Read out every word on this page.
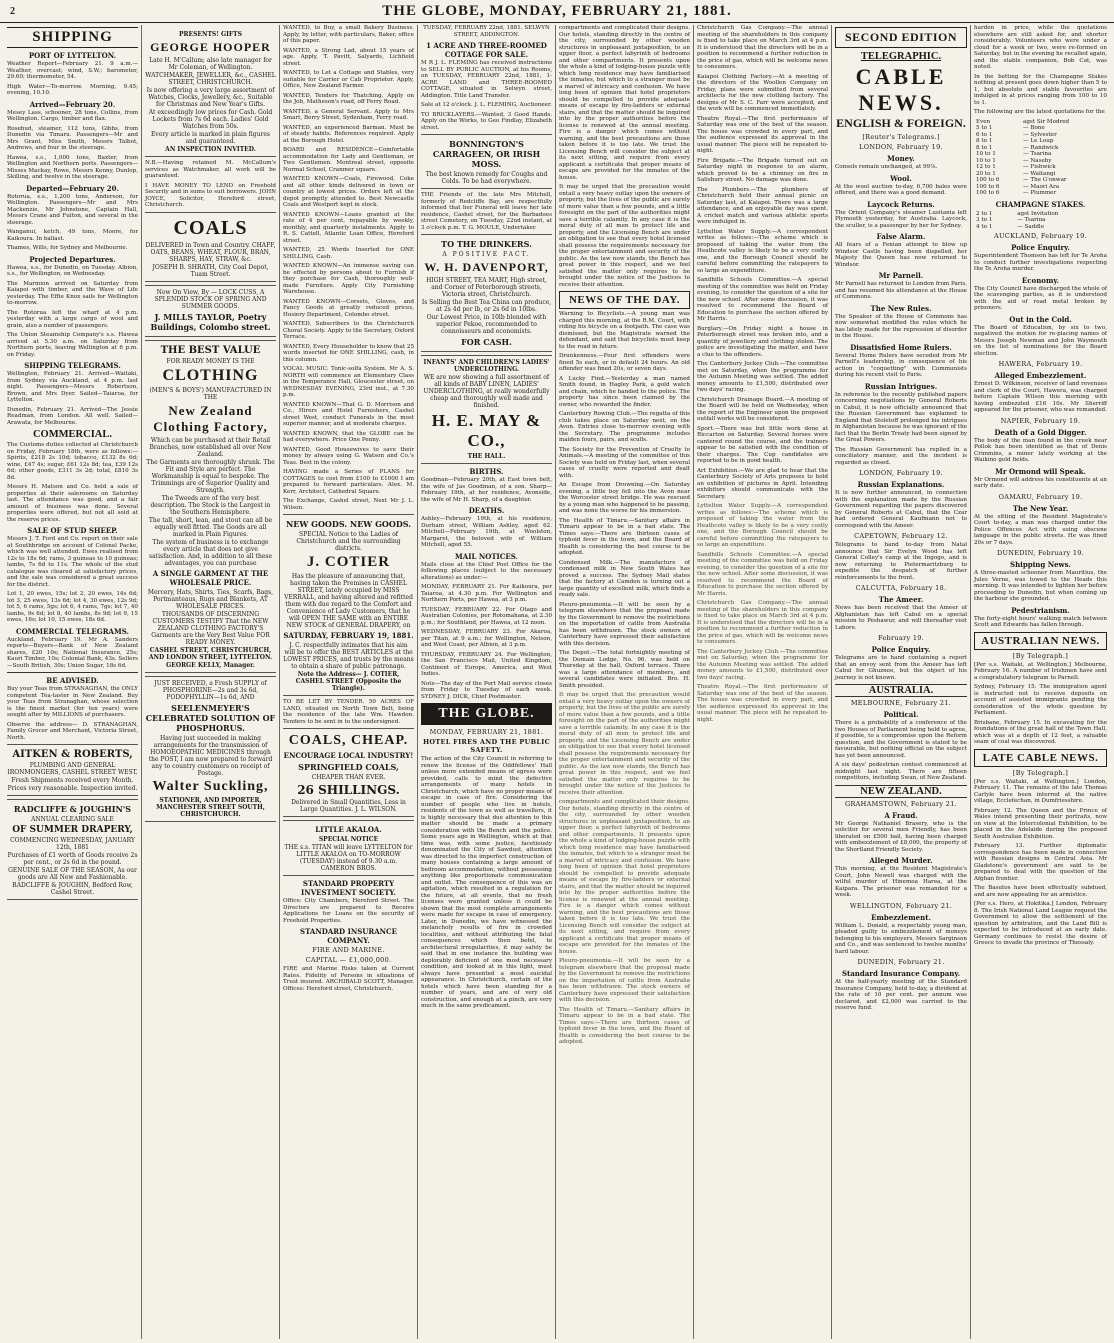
2	THE GLOBE, MONDAY, FEBRUARY 21, 1881.
SHIPPING
PORT OF LYTTELTON.

Weather Report—February 21. 9 a.m.—Weather, overcast; wind, S.W.; barometer, 29.60; thermometer, 54.

High Water—To-morrow. Morning, 9.45; evening, 10.10.

Arrived—February 20.

Mesey Lass, schooner, 28 tons, Collins, from Wellington. Cargo, timber and flax.

Rosebud, steamer, 112 tons, Gibbs, from Dunedin via Timaru. Passengers—Mr and Mrs Grant, Miss Smith, Messrs Talbot, Andrews, and four in the steerage.

Hawea, s.s., 1,000 tons, Baxter, from Wellington and Northern ports. Passengers—Misses Mackay, Rowe, Messrs Kenny, Dunlop, Skilling, and twelve in the steerage.

Departed—February 20.

Rotorua, s.s., 1,200 tons, Anderson, for Wellington. Passengers—Mr and Mrs Mackenzie, Mr Johnstone, Captain Hall, Messrs Crane and Fulton, and several in the steerage.

Wanganui, ketch, 49 tons, Moore, for Kaikoura. In ballast.

Thames, Wills, for Sydney and Melbourne.

Projected Departures.

Hawea, s.s., for Dunedin, on Tuesday. Albion, s.s., for Wellington, on Wednesday.

The Marmion arrived on Saturday from Kaiapoi with timber, and the Wave of Life yesterday. The Effie Knox sails for Wellington to-morrow.

The Rotorua left the wharf at 4 p.m. yesterday with a large cargo of wool and grain, also a number of passengers.

The Union Steamship Company's s.s. Hawea arrived at 5.30 a.m. on Saturday from Northern ports, leaving Wellington at 6 p.m. on Friday.

SHIPPING TELEGRAMS.

Wellington, February 21. Arrived—Waitaki, from Sydney via Auckland, at 4 p.m. last night. Passengers—Messrs Robertson, Brown, and Mrs Dyer. Sailed—Taiaroa, for Lyttelton.

Dunedin, February 21. Arrived—The Jessie Readman, from London. All well. Sailed—Arawata, for Melbourne.

COMMERCIAL.

The Customs duties collected at Christchurch on Friday, February 18th, were as follows:—Spirits, £218 2s 10d; tobacco, £132 8s 6d; wine, £47 4s; sugar, £61 12s 8d; tea, £39 12s 6d; other goods, £311 3s 2d; total, £810 3s 8d.

Messrs H. Matson and Co. held a sale of properties at their salerooms on Saturday last. The attendance was good, and a fair amount of business was done. Several properties were offered, but not all sold at the reserve prices.

SALE OF STUD SHEEP.

Messrs J. T. Ford and Co. report on their sale at Southbridge on account of Colonel Packe, which was well attended. Ewes realised from 12s to 18s 6d; rams, 3 guineas to 10 guineas; lambs, 7s 6d to 11s. The whole of the stud catalogue was cleared at satisfactory prices, and the sale was considered a great success for the district.

Lot 1, 20 ewes, 15s; lot 2, 20 ewes, 14s 6d; lot 3, 25 ewes, 13s 6d; lot 4, 30 ewes, 12s 9d; lot 5, 6 rams, 5gs; lot 6, 4 rams, 7gs; lot 7, 40 lambs, 9s 6d; lot 8, 40 lambs, 8s 9d; lot 9, 15 ewes, 16s; lot 10, 15 ewes, 18s 6d.

COMMERCIAL TELEGRAMS.

Auckland, February 19. Mr A. Sanders reports—Buyers—Bank of New Zealand shares, £20 10s; National Insurance, 25s; Kauri Timber, 10s; Colonial Bank, 43s. Sellers—South British, 30s; Union Sugar, 18s 6d.

BE ADVISED.

Buy your Teas from STRANAGHAN, the ONLY competent Tea-taster in New Zealand. Buy your Teas from Stranaghan, whose selection is the finest market (for ten years) were sought after by MILLIONS of purchasers.

Observe the address— D. STRANAGHAN, Family Grocer and Merchant, Victoria Street, North.

AITKEN & ROBERTS,
PLUMBING AND GENERAL IRONMONGERS, CASHEL STREET WEST.
Fresh Shipments received every Month.
Prices very reasonable. Inspection invited.
RADCLIFFE & JOUGHIN'S
ANNUAL CLEARING SALE
OF SUMMER DRAPERY,
COMMENCING WEDNESDAY, JANUARY 12th, 1881
Purchases of £1 worth of Goods receive 2s per cent., or 2s 6d in the pound.
GENUINE SALE OF THE SEASON, As our goods are All New and Fashionable.
RADCLIFFE & JOUGHIN, Bedford Row, Cashel Street.
PRESENTS! GIFTS
GEORGE HOOPER
Late H. M'Callum; also late manager for Mr Coleman, of Wellington.
WATCHMAKER, JEWELLER, &c., CASHEL STREET, CHRISTCHURCH.
Is now offering a very large assortment of Watches, Clocks, Jewellery, &c., Suitable for Christmas and New Year's Gifts.
At exceedingly low prices for Cash. Gold Lockets from 7s 6d each. Ladies' Gold Watches from 50s.
Every article is marked in plain figures and guaranteed.
AN INSPECTION INVITED.

N.B.—Having retained M. McCallum's services as Watchmaker, all work will be guaranteed.

I HAVE MONEY TO LEND on Freehold Security and in sums to suit borrowers. JOHN JOYCE, Solicitor, Hereford street, Christchurch.

COALS
DELIVERED in Town and Country. CHAFF, OATS, BEANS, WHEAT, FLOUR, BRAN, SHARPS, HAY, STRAW, &c.
JOSEPH B. SHRATH, City Coal Depot, Tuam Street.
Now On View, By — LOCK CUSS, A SPLENDID STOCK OF SPRING AND SUMMER GOODS.
J. MILLS TAYLOR, Poetry Buildings, Colombo street.
THE BEST VALUE
FOR READY MONEY IS THE
CLOTHING
(MEN'S & BOYS') MANUFACTURED IN THE
New Zealand Clothing Factory,
Which can be purchased at their Retail Branches, now established all over New Zealand.
The Garments are thoroughly shrunk. The Fit and Style are perfect. The Workmanship is equal to bespoke. The Trimmings are of Superior Quality and Strength.
The Tweeds are of the very best description. The Stock is the Largest in the Southern Hemisphere.
The tall, short, lean, and stout can all be equally well fitted. The Goods are all marked in Plain Figures.
The system of business is to exchange every article that does not give satisfaction. And, in addition to all these advantages, you can purchase
A SINGLE GARMENT AT THE WHOLESALE PRICE.
Mercery, Hats, Shirts, Ties, Scarfs, Bags, Portmanteaus, Rugs and Blankets, AT WHOLESALE PRICES.
THOUSANDS OF DISCERNING CUSTOMERS TESTIFY That the NEW ZEALAND CLOTHING FACTORY'S Garments are the Very Best Value FOR READY MONEY.
CASHEL STREET, CHRISTCHURCH, AND LONDON STREET, LYTTELTON.
GEORGE KELLY, Manager.
JUST RECEIVED, a Fresh SUPPLY of PHOSPHORINE—2s and 3s 6d, PODOPHYLLIN—1s 6d, AND
SEELENMEYER'S CELEBRATED SOLUTION OF PHOSPHORUS.
Having just succeeded in making arrangements for the transmission of HOMOEOPATHIC MEDICINES through the POST, I am now prepared to forward any to country customers on receipt of Postage.
Walter Suckling,
STATIONER, AND IMPORTER, MANCHESTER STREET SOUTH, CHRISTCHURCH.

WANTED, to Buy, a small Bakery Business. Apply, by letter, with particulars, Baker, office of this paper.

WANTED, a Strong Lad, about 15 years of age. Apply, T. Pavitt, Salyards, Lichfield street.

WANTED, to Let a Cottage and Stables, very suitable for Carrier or Cab Proprietor. Apply, Office, New Zealand Farmer.

WANTED, Tenders for Thatching. Apply on the Job, Matheson's road, off Ferry Road.

WANTED, a General Servant. Apply to Mrs Smart, Berry Street, Sydenham, Ferry road.

WANTED, an experienced Barman. Must be of steady habits. References required. Apply at the Borough Hotel.

BOARD and RESIDENCE—Comfortable accommodation for Lady and Gentleman, or Two Gentlemen. Montreal street, opposite Normal School, Cranmer square.

WANTED KNOWN—Coals, Firewood, Coke and all other kinds delivered in town or country at lowest prices. Orders left at the depot promptly attended to. Best Newcastle Coals and Westport kept in stock.

WANTED KNOWN—Loans granted at the rate of 4 per cent, repayable by weekly, monthly, and quarterly instalments. Apply to R. S. Cattell, Atlantic Loan Office, Hereford street.

WANTED, 25 Words Inserted for ONE SHILLING, Cash.

WANTED KNOWN—An immense saving can be effected by persons about to Furnish if they purchase for Cash, thoroughly well-made Furniture. Apply City Furnishing Warehouse.

WANTED KNOWN—Corsets, Gloves, and Fancy Goods at greatly reduced prices, Hosiery Department, Colombo street.

WANTED, Subscribers to the Christchurch Choral Society. Apply to the Secretary, Oxford Terrace.

WANTED, Every Householder to know that 25 words inserted for ONE SHILLING, cash, in this column.

VOCAL MUSIC. Tonic-solfa System. Mr A. S. NORTH will commence an Elementary Class in the Temperance Hall, Gloucester street, on WEDNESDAY EVENING, 23rd inst., at 7.30 p.m.

WANTED KNOWN—That G. D. Morrison and Co., Hirers and Hotel Furnishers, Cashel street West, conduct Funerals in the most superior manner, and at moderate charges.

WANTED KNOWN, that the GLOBE can be had everywhere. Price One Penny.

WANTED, Good Housewives to save their money by always using G. Watson and Co.'s Teas. Best in the colony.

HAVING made a Series of PLANS for COTTAGES to cost from £100 to £1000 I am prepared to forward particulars. Alex. M. Kerr, Architect, Cathedral Square.

The Exchange, Cashel street, Next Mr J. L. Wilson.

NEW GOODS. NEW GOODS.
SPECIAL Notice to the Ladies of Christchurch and the surrounding districts.
J. COTIER
Has the pleasure of announcing that, having taken the Premises in CASHEL STREET, lately occupied by MISS VERRALL, and having altered and refitted them with due regard to the Comfort and Convenience of Lady Customers, that he will OPEN THE SAME with an ENTIRE NEW STOCK of GENERAL DRAPERY, on
SATURDAY, FEBRUARY 19, 1881.
J. C. respectfully intimates that his aim will be to offer the BEST ARTICLES at the LOWEST PRICES, and trusts by the means to obtain a share of public patronage.
Note the Address— J. COTIER, CASHEL STREET (Opposite the Triangle).

TO BE LET BY TENDER. 50 ACRES OF LAND, situated on North Town Belt, being the residence of the late Wm. Hawdon. Tenders to be sent in to the undersigned.

COALS, CHEAP.
ENCOURAGE LOCAL INDUSTRY!
SPRINGFIELD COALS,
CHEAPER THAN EVER.
26 SHILLINGS.
Delivered in Small Quantities, Less in Large Quantities. J. L. WILSON.
LITTLE AKALOA.
SPECIAL NOTICE
THE s.s. TITAN will leave LYTTELTON for LITTLE AKALOA on TO-MORROW (TUESDAY) instead of 9.30 a.m. CAMERON BROS.
STANDARD PROPERTY INVESTMENT SOCIETY.

Office: City Chambers, Hereford Street. The Directors are prepared to Receive Applications for Loans on the security of Freehold Properties.

STANDARD INSURANCE COMPANY.
FIRE AND MARINE.
CAPITAL — £1,000,000.

FIRE and Marine Risks taken at Current Rates. Fidelity of Persons in situations of Trust insured. ARCHIBALD SCOTT, Manager. Offices: Hereford street, Christchurch.

TUESDAY, FEBRUARY 22nd, 1881. SELWYN STREET, ADDINGTON.

1 ACRE AND THREE-ROOMED COTTAGE FOR SALE.

M R J. L. FLEMING has received instructions to SELL BY PUBLIC AUCTION, at his Rooms, on TUESDAY, FEBRUARY 22nd, 1881, 1-ACRE LAND and THREE-ROOMED COTTAGE, situated in Selwyn street, Addington. Title Land Transfer.

Sale at 12 o'clock. J. L. FLEMING, Auctioneer.

TO BRICKLAYERS.—Wanted, 3 Good Hands. Apply on the Works, to Geo Findlay, Elizabeth street.

BONNINGTON'S CARRAGEEN, OR IRISH MOSS.
The best known remedy for Coughs and Colds. To be had everywhere.

THE Friends of the late Mrs Mitchell, formerly of Redcliffe Bay, are respectfully informed that her Funeral will leave her late residence, Cashel street, for the Barbadoes street Cemetery, on Tuesday, 22nd instant, at 3 o'clock p.m. T. G. MOULE, Undertaker.

TO THE DRINKERS.
A POSITIVE FACT.
W. H. DAVENPORT,
HIGH STREET, TEA MART, High street, and Corner of Peterborough streets, Victoria street, Christchurch.
Is Selling the Best Tea China can produce, at 2s 4d per lb, or 2s 6d in 10lbs.
Our Lowest Price, in 10lb blended with superior Pekoe, recommended to connoisseurs and economists.
FOR CASH.
INFANTS' AND CHILDREN'S LADIES' UNDERCLOTHING.
WE are now showing a full assortment of all kinds of BABY LINEN, LADIES' UNDERCLOTHING, at really wonderfully cheap and thoroughly well made and finished.
H. E. MAY & CO.,
THE HALL.
BIRTHS.

Goodman—February 20th, at East town belt, the wife of Jas Goodman, of a son. Sharp—February 19th, at her residence, Avonside, the wife of Mr H. Sharp, of a daughter.

DEATHS.

Ashley—February 19th, at his residence, Durham street, William Ashley, aged 62. Mitchell—February 19th, at Woolston, Margaret, the beloved wife of William Mitchell, aged 55.

MAIL NOTICES.

Mails close at the Chief Post Office for the following places (subject to the necessary alterations) as under:—

MONDAY, FEBRUARY 21. For Kaikoura, per Taiaroa, at 4.30 p.m. For Wellington and Northern Ports, per Hawea, at 3 p.m.

TUESDAY, FEBRUARY 22. For Otago and Australian Colonies, per Rotomahana, at 2.30 p.m.; for Southland, per Hawea, at 12 noon.

WEDNESDAY, FEBRUARY 23. For Akaroa, per Titan, at 9 a.m.; for Wellington, Nelson, and West Coast, per Albion, at 3 p.m.

THURSDAY, FEBRUARY 24. For Wellington, the San Francisco Mail, United Kingdom, Continent of Europe, America, and West Indies.

Note—The day of the Port Mail service closes from Friday to Tuesday of each week. SYDNEY J. DICK, Chief Postmaster.

THE GLOBE.
MONDAY, FEBRUARY 21, 1881.
HOTEL FIRES AND THE PUBLIC SAFETY.

The action of the City Council in referring to renew the license of the Oddfellows' Hall unless more extended means of egress were provided, calls to mind the defective arrangements of many hotels in Christchurch, which have no proper means of escape in case of fire. Considering the number of people who live in hotels, residents of the town as well as travellers, it is highly necessary that due attention to this matter should be made a primary consideration with the Bench and the police. Some years ago in Wellington, which at that time was, with some justice, facetiously denominated the City of Sawdust, attention was directed to the imperfect construction of many houses containing a large amount of bedroom accommodation, without possessing anything like proportionate communication and outlet. The consequence of this was an agitation, which resulted in a regulation for the future, at all events, that no fresh licenses were granted unless it could be shown that the most complete arrangements were made for escape in case of emergency. Later, in Dunedin, we have witnessed the melancholy results of fire in crowded localities, and without attributing the fatal consequences which then befel, to architectural irregularities, it may safely be said that in one instance the building was deplorably deficient of one most necessary condition, and looked at in this light, must always have presented a most suicidal appearance. In Christchurch, certain of the hotels which have been standing for a number of years, and are of very old construction, and enough at a pinch, are very much in the same predicament.

compartments and complicated their designs. Our hotels, standing directly in the centre of the city, surrounded by other wooden structures in unpleasant juxtaposition, to an upper floor, a perfect labyrinth of bedrooms and other compartments. It presents upon the whole a kind of lodging-house puzzle with which long residence may have familiarised the inmates, but which to a stranger must be a marvel of intricacy and confusion. We have long been of opinion that hotel proprietors should be compelled to provide adequate means of escape by fire-ladders or external stairs, and that the matter should be inquired into by the proper authorities before the license is renewed at the annual meeting. Fire is a danger which comes without warning, and the best precautions are those taken before it is too late. We trust the Licensing Bench will consider the subject at its next sitting, and require from every applicant a certificate that proper means of escape are provided for the inmates of the house.

It may be urged that the precaution would entail a very heavy outlay upon the owners of property, but the lives of the public are surely of more value than a few pounds, and a little foresight on the part of the authorities might save a terrible calamity. In any case it is the moral duty of all men to protect life and property, and the Licensing Bench are under an obligation to see that every hotel licensed shall possess the requirements necessary for the proper entertainment and security of the public. As the law now stands, the Bench has great power in this respect, and we feel satisfied the matter only requires to be brought under the notice of the Justices to receive their attention.

NEWS OF THE DAY.

Warning to Bicyclists.—A young man was charged this morning, at the R.M. Court, with riding his bicycle on a footpath. The case was dismissed, but the Magistrate warned the defendant, and said that bicyclists must keep to the road in future.

Drunkenness.—Four first offenders were fined 5s each, or in default 24 hours. An old offender was fined 20s, or seven days.

A Lucky Find.—Yesterday a man named Smith found, in Hagley Park, a gold watch and chain, which he handed to the police. The property has since been claimed by the owner, who rewarded the finder.

Canterbury Rowing Club.—The regatta of this club takes place on Saturday next, on the Avon. Entries close to-morrow evening with the Secretary. The programme includes maiden fours, pairs, and sculls.

The Society for the Prevention of Cruelty to Animals.—A meeting of the committee of this Society was held on Friday last, when several cases of cruelty were reported and dealt with.

An Escape from Drowning.—On Saturday evening, a little boy fell into the Avon near the Worcester street bridge. He was rescued by a young man who happened to be passing, and was none the worse for his immersion.

The Health of Timaru.—Sanitary affairs in Timaru appear to be in a bad state. The Times says:—There are thirteen cases of typhoid fever in the town, and the Board of Health is considering the best course to be adopted.

Condensed Milk.—The manufacture of condensed milk in New South Wales has proved a success. The Sydney Mail states that the factory at Camden is turning out a large quantity of excellent milk, which finds a ready sale.

Pleuro-pneumonia.—It will be seen by a telegram elsewhere that the proposal made by the Government to remove the restrictions on the importation of cattle from Australia has been withdrawn. The stock owners of Canterbury have expressed their satisfaction with this decision.

The Depot.—The total fortnightly meeting of the Domain Lodge, No. 96, was held on Thursday at the hall, Oxford terrace. There was a large attendance of members, and several candidates were initiated. Bro. H. Smith presided.

It may be urged that the precaution would entail a very heavy outlay upon the owners of property, but the lives of the public are surely of more value than a few pounds, and a little foresight on the part of the authorities might save a terrible calamity. In any case it is the moral duty of all men to protect life and property, and the Licensing Bench are under an obligation to see that every hotel licensed shall possess the requirements necessary for the proper entertainment and security of the public. As the law now stands, the Bench has great power in this respect, and we feel satisfied the matter only requires to be brought under the notice of the Justices to receive their attention.

compartments and complicated their designs. Our hotels, standing directly in the centre of the city, surrounded by other wooden structures in unpleasant juxtaposition, to an upper floor, a perfect labyrinth of bedrooms and other compartments. It presents upon the whole a kind of lodging-house puzzle with which long residence may have familiarised the inmates, but which to a stranger must be a marvel of intricacy and confusion. We have long been of opinion that hotel proprietors should be compelled to provide adequate means of escape by fire-ladders or external stairs, and that the matter should be inquired into by the proper authorities before the license is renewed at the annual meeting. Fire is a danger which comes without warning, and the best precautions are those taken before it is too late. We trust the Licensing Bench will consider the subject at its next sitting, and require from every applicant a certificate that proper means of escape are provided for the inmates of the house.

Pleuro-pneumonia.—It will be seen by a telegram elsewhere that the proposal made by the Government to remove the restrictions on the importation of cattle from Australia has been withdrawn. The stock owners of Canterbury have expressed their satisfaction with this decision.

The Health of Timaru.—Sanitary affairs in Timaru appear to be in a bad state. The Times says:—There are thirteen cases of typhoid fever in the town, and the Board of Health is considering the best course to be adopted.

Christchurch Gas Company.—The annual meeting of the shareholders in this company is fixed to take place on March 3rd at 4 p.m. It is understood that the directors will be in a position to recommend a further reduction in the price of gas, which will be welcome news to consumers.

Kaiapoi Clothing Factory.—At a meeting of the directors of the Woollen Company on Friday, plans were submitted from several architects for the new clothing factory. The designs of Mr S. C. Farr were accepted, and the work will be commenced immediately.

Theatre Royal.—The first performance of Saturday was one of the best of the season. The house was crowded in every part, and the audience expressed its approval in the usual manner. The piece will be repeated to-night.

Fire Brigade.—The Brigade turned out on Saturday night in response to an alarm, which proved to be a chimney on fire in Salisbury street. No damage was done.

The Plumbers.—The plumbers of Christchurch held their annual picnic on Saturday last, at Kaiapoi. There was a large attendance, and an enjoyable day was spent. A cricket match and various athletic sports were indulged in.

Lyttelton Water Supply.—A correspondent writes as follows:—The scheme which is proposed of taking the water from the Heathcote valley is likely to be a very costly one, and the Borough Council should be careful before committing the ratepayers to so large an expenditure.

Sandhills Schools Committee.—A special meeting of the committee was held on Friday evening, to consider the question of a site for the new school. After some discussion, it was resolved to recommend the Board of Education to purchase the section offered by Mr Harris.

Burglary.—On Friday night a house in Peterborough street was broken into, and a quantity of jewellery and clothing stolen. The police are investigating the matter, and have a clue to the offenders.

The Canterbury Jockey Club.—The committee met on Saturday, when the programme for the Autumn Meeting was settled. The added money amounts to £1,500, distributed over two days' racing.

Christchurch Drainage Board.—A meeting of the Board will be held on Wednesday, when the report of the Engineer upon the proposed outfall works will be considered.

Sport.—There was but little work done at Riccarton on Saturday. Several horses were cantered round the course, and the trainers appear to be satisfied with the condition of their charges. The Cup candidates are reported to be in good health.

Art Exhibition.—We are glad to hear that the Canterbury Society of Arts proposes to hold an exhibition of pictures in April. Intending exhibitors should communicate with the Secretary.

Lyttelton Water Supply.—A correspondent writes as follows:—The scheme which is proposed of taking the water from the Heathcote valley is likely to be a very costly one, and the Borough Council should be careful before committing the ratepayers to so large an expenditure.

Sandhills Schools Committee.—A special meeting of the committee was held on Friday evening, to consider the question of a site for the new school. After some discussion, it was resolved to recommend the Board of Education to purchase the section offered by Mr Harris.

Christchurch Gas Company.—The annual meeting of the shareholders in this company is fixed to take place on March 3rd at 4 p.m. It is understood that the directors will be in a position to recommend a further reduction in the price of gas, which will be welcome news to consumers.

The Canterbury Jockey Club.—The committee met on Saturday, when the programme for the Autumn Meeting was settled. The added money amounts to £1,500, distributed over two days' racing.

Theatre Royal.—The first performance of Saturday was one of the best of the season. The house was crowded in every part, and the audience expressed its approval in the usual manner. The piece will be repeated to-night.

SECOND EDITION
TELEGRAPHIC.
CABLE NEWS.
ENGLISH & FOREIGN.
[Reuter's Telegrams.]
LONDON, February 19.
Money.

Consols remain unchanged, at 99⅞.

Wool.

At the wool auction to-day, 6,700 bales were offered, and there was a good demand.

Laycock Returns.

The Orient Company's steamer Lusitania left Plymouth yesterday, for Australia. Laycock, the sculler, is a passenger by her for Sydney.

False Alarm.

All fears of a Fenian attempt to blow up Windsor Castle having been dispelled, her Majesty the Queen has now returned to Windsor.

Mr Parnell.

Mr Parnell has returned to London from Paris, and has resumed his attendance at the House of Commons.

The New Rules.

The Speaker of the House of Commons has now somewhat modified the rules which he has lately made for the repression of disorder in the House.

Dissatisfied Home Rulers.

Several Home Rulers have seceded from Mr Parnell's leadership, in consequence of his action in "coquetting" with Communists during his recent visit to Paris.

Russian Intrigues.

In reference to the recently published papers concerning negotiations by General Roberts in Cabul, it is now officially announced that the Russian Government has explained to England that Stoletoff prolonged his intrigues in Afghanistan because he was ignorant of the fact that the Berlin Treaty had been signed by the Great Powers.

The Russian Government has replied in a conciliatory manner, and the incident is regarded as closed.

LONDON, February 19.
Russian Explanations.

It is now further announced, in connection with the explanation made by the Russian Government regarding the papers discovered by General Roberts at Cabul, that the Czar had ordered General Kaufmann not to correspond with the Ameer.

CAPETOWN, February 12.

Telegrams to hand to-day from Natal announce that Sir Evelyn Wood has left General Colley's camp at the Ingogo, and is now returning to Pietermaritzburg to expedite the despatch of further reinforcements to the front.

CALCUTTA, February 18.
The Ameer.

News has been received that the Ameer of Afghanistan has left Cabul on a special mission to Peshawur, and will thereafter visit Lahore.

February 19.
Police Enquiry.

Telegrams are to hand containing a report that an envoy sent from the Ameer has left Cabul for Ghuznee, but the object of his journey is not known.

AUSTRALIA.
MELBOURNE, February 21.
Political.

There is a probability of a conference of the two Houses of Parliament being held to agree, if possible, to a compromise upon the Reform question, and the Government is stated to be favourable, but nothing official on the subject has yet been announced.

A six days' pedestrian contest commenced at midnight last night. There are fifteen competitors, including Swan, of New Zealand.

NEW ZEALAND.
GRAHAMSTOWN, February 21.
A Fraud.

Mr George Nathaniel Brasery, who is the solicitor for several men Friendly, has been liberated on £500 bail, having been charged with embezzlement of £8,000, the property of the Shortland Friendly Society.

Alleged Murder.

This morning, at the Resident Magistrate's Court, John Newell was charged with the wilful murder of Hinemoa Harea, at the Kaipara. The prisoner was remanded for a week.

WELLINGTON, February 21.
Embezzlement.

William L. Donald, a respectably young man, pleaded guilty to embezzlement of moneys belonging to his employers, Messrs Sarginson and Co., and was sentenced to twelve months' hard labour.

DUNEDIN, February 21.
Standard Insurance Company.

At the half-yearly meeting of the Standard Insurance Company, held to-day, a dividend at the rate of 10 per cent. per annum was declared, and £2,000 was carried to the reserve fund.

harden in price, while the quotations elsewhere are still asked for, and shorter considerably. Volunteers who were under a cloud for a week or two, were re-formed on Saturday, but in the evening he recalled again, and the stable companion, Bob Cat, was noted.

In the betting for the Champagne Stakes nothing at present goes down higher than 5 to 1, but absolute and stable favourites are indulged in at prices ranging from 100 to 10 to 1.

The following are the latest quotations for the

Even	agst Sir Modred
5 to 1	— Bone
6 to 1	— Sylvester
8 to 1	— Le Loup
8 to 1	— Randwick
10 to 1	— Tsarina
10 to 1	— Naseby
12 to 1	— Fishwick
20 to 1	— Waitangi
100 to 6	— The G'onwar
100 to 6	— Maori Ara
100 to 6	— Plummer
CHAMPAGNE STAKES.
2 to 1	agst Invitation
3 to 1	— Tsarina
4 to 1	— Saddle
AUCKLAND, February 19.
Police Enquiry.

Superintendent Thomson has left for Te Aroha to conduct further investigations respecting the Te Aroha murder.

Economy.

The City Council have discharged the whole of the scavenging parties, as it is understood with the aid of road metal broken by prisoners.

Out in the Cold.

The Board of Education, by six to two, negatived the motion for re-placing names of Messrs Joseph Newman and John Waymouth on the list of nominations for the Board election.

HAWERA, February 19.
Alleged Embezzlement.

Ernest D. Wilkinson, receiver of land revenues and clerk of the Court, Hawera, was charged before Captain Wilson this morning with having embezzled £16 10s. Mr Sherriff appeared for the prisoner, who was remanded.

NAPIER, February 19.
Death of a Gold Digger.

The body of the man found in the creek near Pollok has been identified as that of Denis Crimmins, a miner lately working at the Waikino gold fields.

Mr Ormond will Speak.

Mr Ormond will address his constituents at an early date.

OAMARU, February 19.
The New Year.

At the sitting of the Resident Magistrate's Court to-day, a man was charged under the Police Offences Act with using obscene language in the public streets. He was fined 20s or 7 days.

DUNEDIN, February 19.
Shipping News.

A three-masted schooner from Mauritius, the Jules Verne, was towed to the Heads this morning. It was intended to lighten her before proceeding to Dunedin, but when coming up the harbour she grounded.

Pedestrianism.

The forty-eight hours' walking match between Scott and Edwards has fallen through.

AUSTRALIAN NEWS.
[By Telegraph.]

[Per s.s. Waitaki, at Wellington.] Melbourne, February 16. A number of Irishmen have sent a congratulatory telegram to Parnell.

Sydney, February 15. The immigration agent is instructed not to receive deposits on account of assisted immigrants pending the consideration of the whole question by Parliament.

Brisbane, February 15. In excavating for the foundations of the great hall of the Town Hall, which was at a depth of 12 feet, a valuable seam of coal was discovered.

LATE CABLE NEWS.
[By Telegraph.]

[Per s.s. Waitaki, at Wellington.] London, February 11. The remains of the late Thomas Carlyle have been interred at the native village, Ecclefechan, in Dumfriesshire.

February 12. The Queen and the Prince of Wales intend presenting their portraits, now on view at the Intercolonial Exhibition, to be placed in the Adelaide during the proposed South Australian Exhibition.

February 13. Further diplomatic correspondence has been made in connection with Russian designs in Central Asia. Mr Gladstone's government are said to be prepared to deal with the question of the Afghan frontier.

The Basutos have been effectually subdued, and are now appealing for an armistice.

[Per s.s. Hero, at Hokitika.] London, February 8. The Irish National Land League request the Government to allow the settlement of the question by arbitration, and the Land Bill is expected to be introduced at an early date. Germany continues to resist the desire of Greece to invade the province of Thessaly.
